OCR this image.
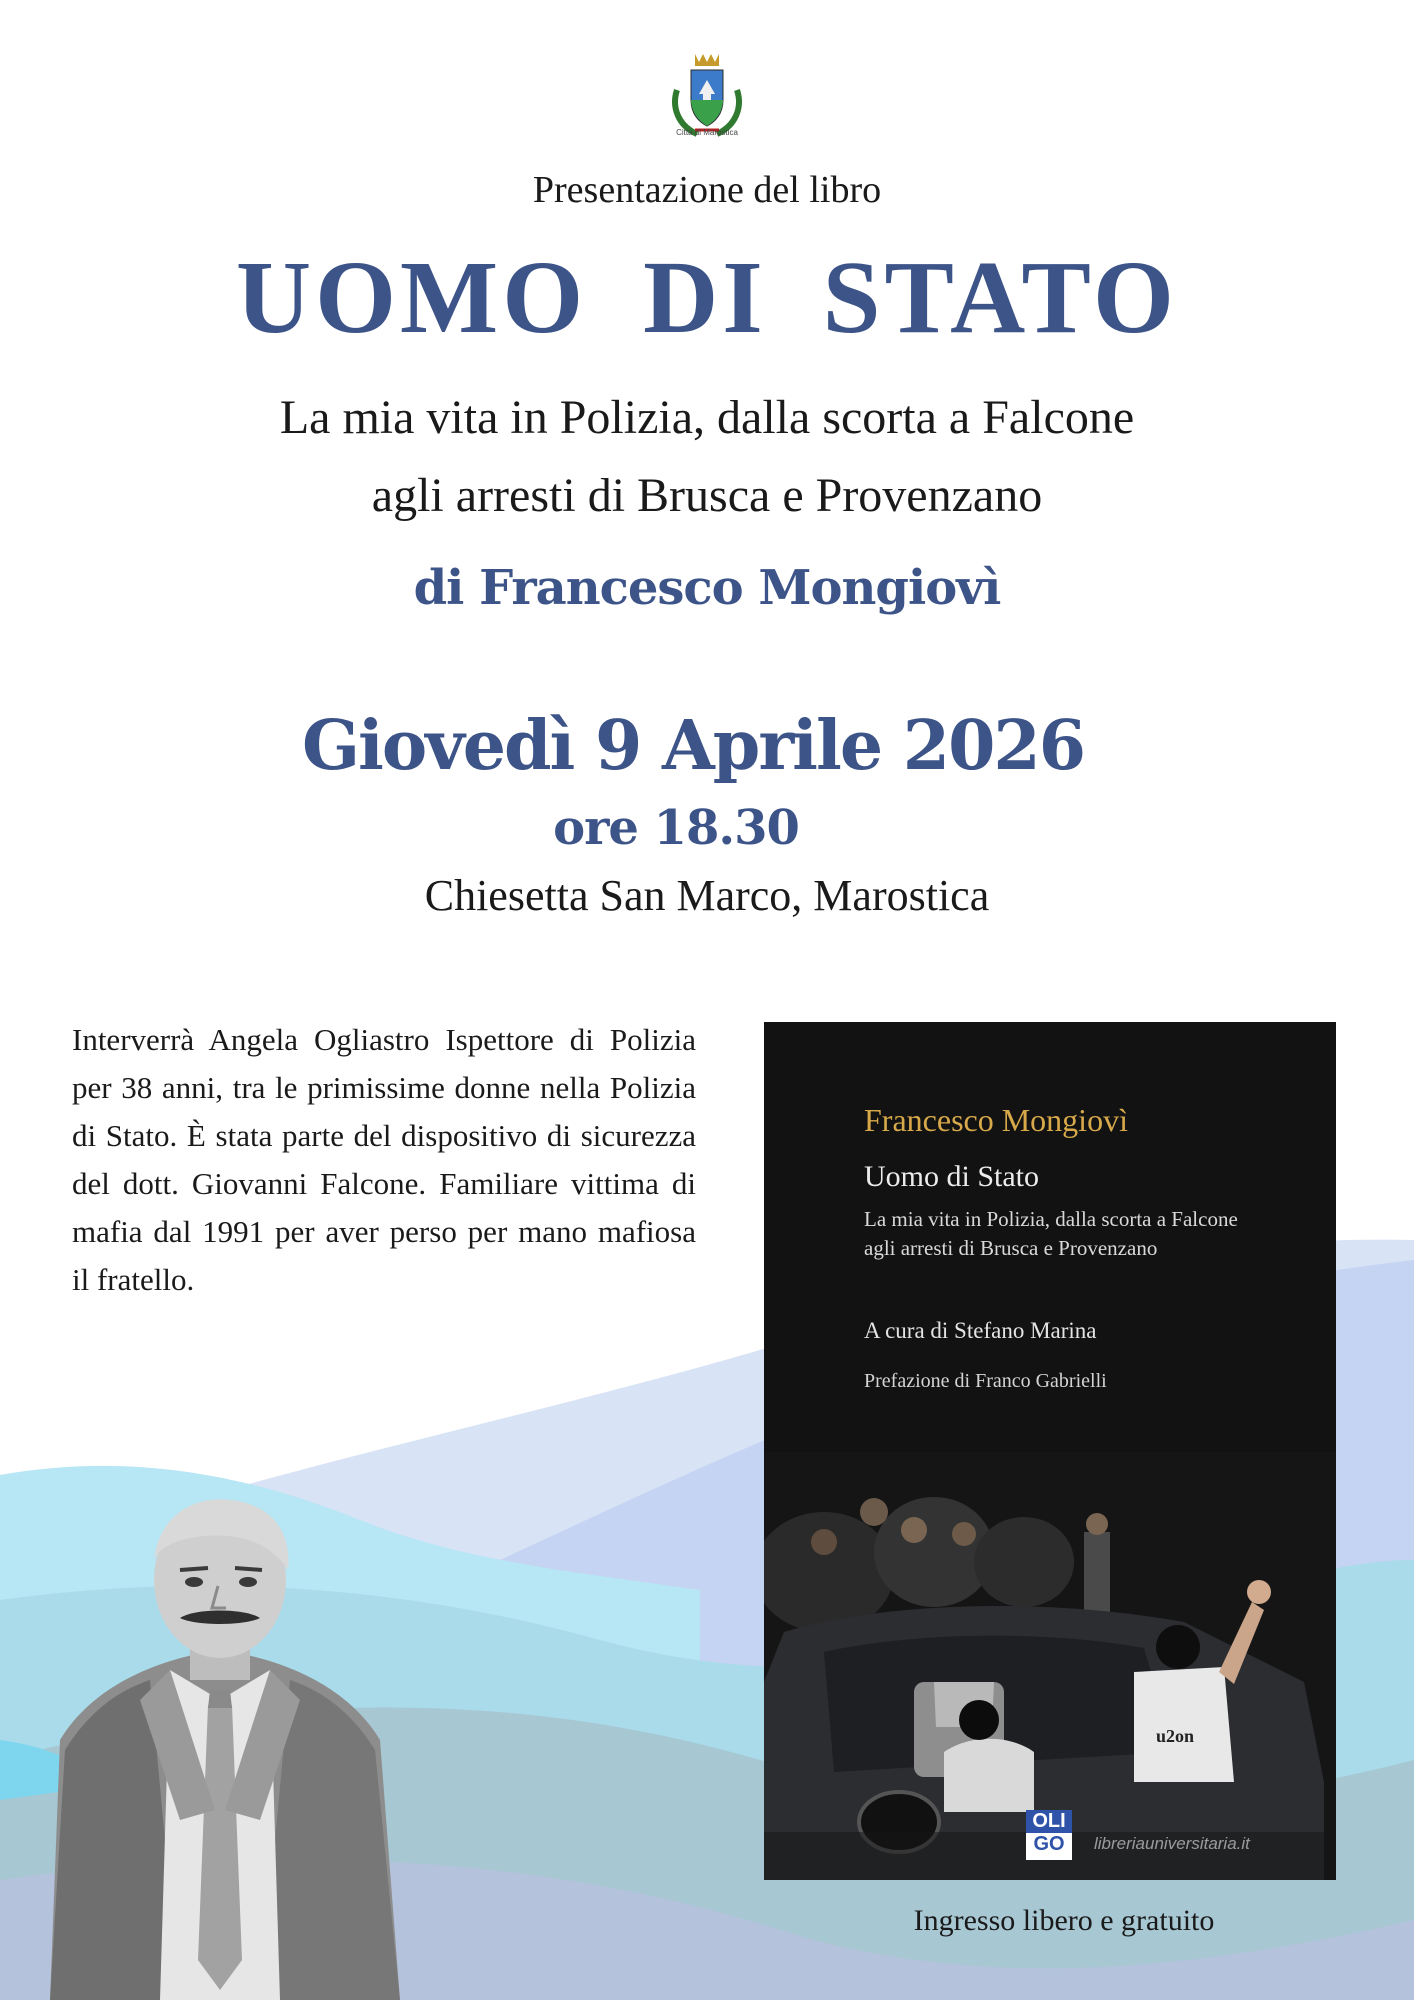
Città di Marostica
Presentazione del libro
UOMO DI STATO
La mia vita in Polizia, dalla scorta a Falcone
agli arresti di Brusca e Provenzano
di Francesco Mongiovì
Giovedì 9 Aprile 2026
ore 18.30
Chiesetta San Marco, Marostica
Interverrà Angela Ogliastro Ispettore di Polizia per 38 anni, tra le primissime donne nella Polizia di Stato. È stata parte del dispositivo di sicurezza del dott. Giovanni Falcone. Familiare vittima di mafia dal 1991 per aver perso per mano mafiosa il fratello.
Francesco Mongiovì
Uomo di Stato
La mia vita in Polizia, dalla scorta a Falcone
agli arresti di Brusca e Provenzano
A cura di Stefano Marina
Prefazione di Franco Gabrielli
u2on
OLI
GO	libreriauniversitaria.it
Ingresso libero e gratuito
